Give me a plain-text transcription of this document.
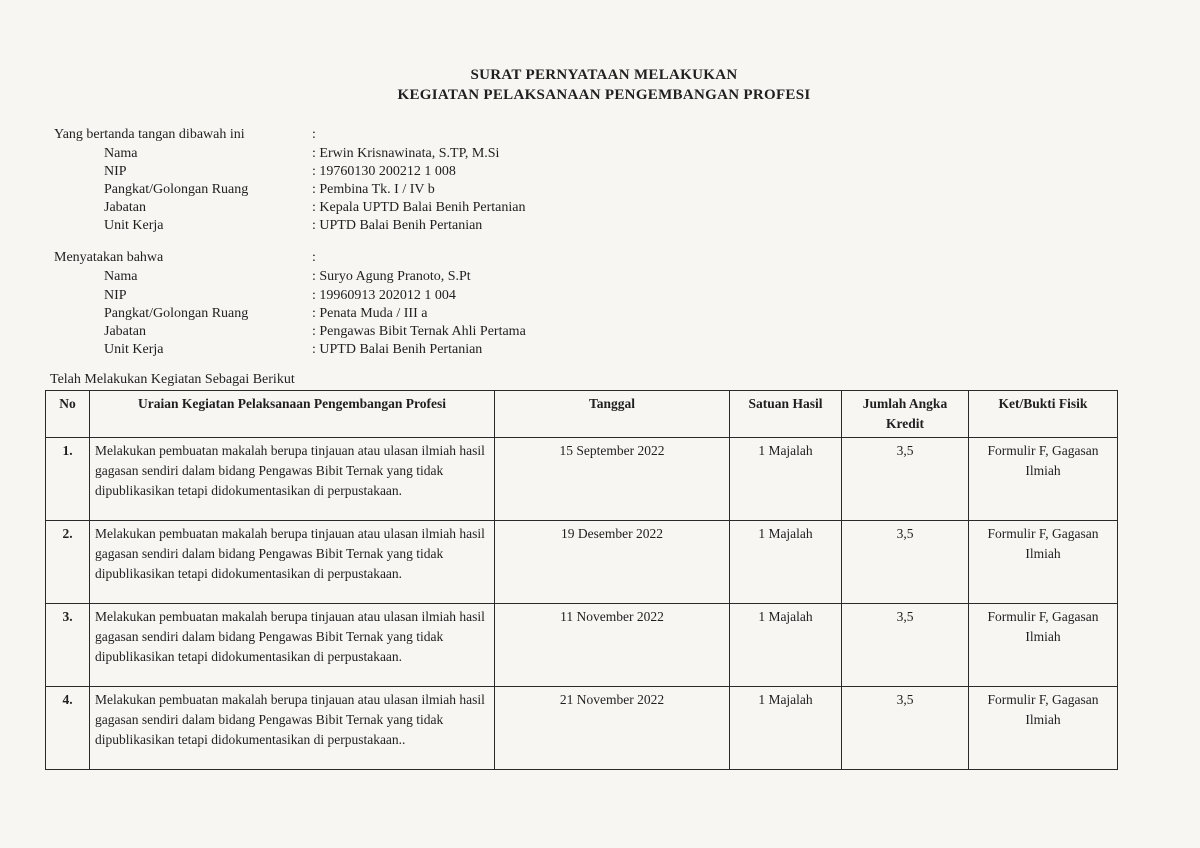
SURAT PERNYATAAN MELAKUKAN
KEGIATAN PELAKSANAAN PENGEMBANGAN PROFESI
Yang bertanda tangan dibawah ini	:
Nama	: Erwin Krisnawinata, S.TP, M.Si
NIP	: 19760130 200212 1 008
Pangkat/Golongan Ruang	: Pembina Tk. I / IV b
Jabatan	: Kepala UPTD Balai Benih Pertanian
Unit Kerja	: UPTD Balai Benih Pertanian
Menyatakan bahwa	:
Nama	: Suryo Agung Pranoto, S.Pt
NIP	: 19960913 202012 1 004
Pangkat/Golongan Ruang	: Penata Muda / III a
Jabatan	: Pengawas Bibit Ternak Ahli Pertama
Unit Kerja	: UPTD Balai Benih Pertanian
Telah Melakukan Kegiatan Sebagai Berikut
No	Uraian Kegiatan Pelaksanaan Pengembangan Profesi	Tanggal	Satuan Hasil	Jumlah Angka Kredit	Ket/Bukti Fisik
1.	Melakukan pembuatan makalah berupa tinjauan atau ulasan ilmiah hasil gagasan sendiri dalam bidang Pengawas Bibit Ternak yang tidak dipublikasikan tetapi didokumentasikan di perpustakaan.	15 September 2022	1 Majalah	3,5	Formulir F, Gagasan Ilmiah
2.	Melakukan pembuatan makalah berupa tinjauan atau ulasan ilmiah hasil gagasan sendiri dalam bidang Pengawas Bibit Ternak yang tidak dipublikasikan tetapi didokumentasikan di perpustakaan.	19 Desember 2022	1 Majalah	3,5	Formulir F, Gagasan Ilmiah
3.	Melakukan pembuatan makalah berupa tinjauan atau ulasan ilmiah hasil gagasan sendiri dalam bidang Pengawas Bibit Ternak yang tidak dipublikasikan tetapi didokumentasikan di perpustakaan.	11 November 2022	1 Majalah	3,5	Formulir F, Gagasan Ilmiah
4.	Melakukan pembuatan makalah berupa tinjauan atau ulasan ilmiah hasil gagasan sendiri dalam bidang Pengawas Bibit Ternak yang tidak dipublikasikan tetapi didokumentasikan di perpustakaan..	21 November 2022	1 Majalah	3,5	Formulir F, Gagasan Ilmiah
